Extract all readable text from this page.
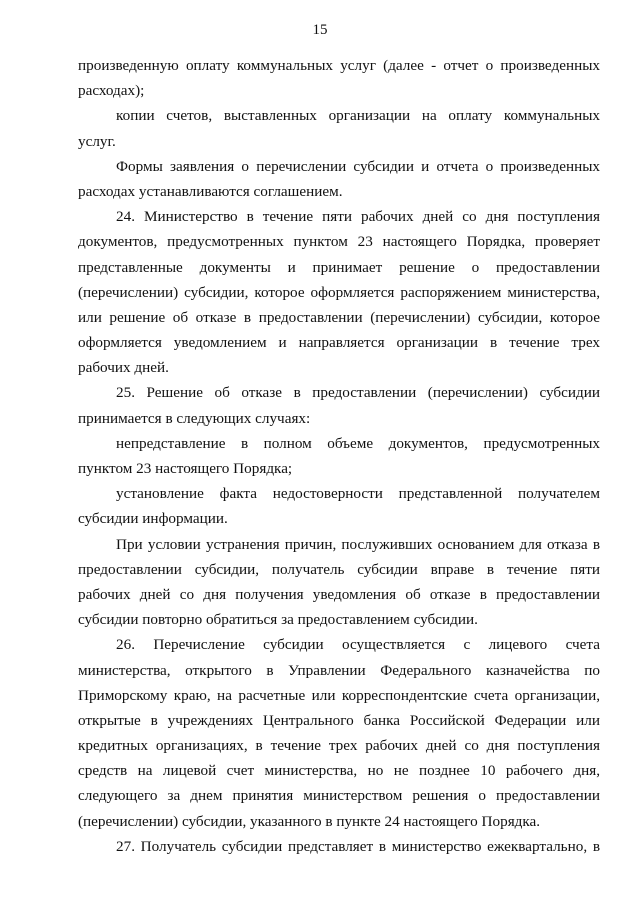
15
произведенную оплату коммунальных услуг (далее - отчет о произведенных
расходах);
копии счетов, выставленных организации на оплату коммунальных
услуг.
Формы заявления о перечислении субсидии и отчета о произведенных
расходах устанавливаются соглашением.
24. Министерство в течение пяти рабочих дней со дня поступления
документов, предусмотренных пунктом 23 настоящего Порядка, проверяет
представленные документы и принимает решение о предоставлении
(перечислении) субсидии, которое оформляется распоряжением министерства,
или решение об отказе в предоставлении (перечислении) субсидии, которое
оформляется уведомлением и направляется организации в течение трех
рабочих дней.
25. Решение об отказе в предоставлении (перечислении) субсидии
принимается в следующих случаях:
непредставление в полном объеме документов, предусмотренных
пунктом 23 настоящего Порядка;
установление факта недостоверности представленной получателем
субсидии информации.
При условии устранения причин, послуживших основанием для отказа в
предоставлении субсидии, получатель субсидии вправе в течение пяти
рабочих дней со дня получения уведомления об отказе в предоставлении
субсидии повторно обратиться за предоставлением субсидии.
26. Перечисление субсидии осуществляется с лицевого счета
министерства, открытого в Управлении Федерального казначейства по
Приморскому краю, на расчетные или корреспондентские счета организации,
открытые в учреждениях Центрального банка Российской Федерации или
кредитных организациях, в течение трех рабочих дней со дня поступления
средств на лицевой счет министерства, но не позднее 10 рабочего дня,
следующего за днем принятия министерством решения о предоставлении
(перечислении) субсидии, указанного в пункте 24 настоящего Порядка.
27. Получатель субсидии представляет в министерство ежеквартально, в
